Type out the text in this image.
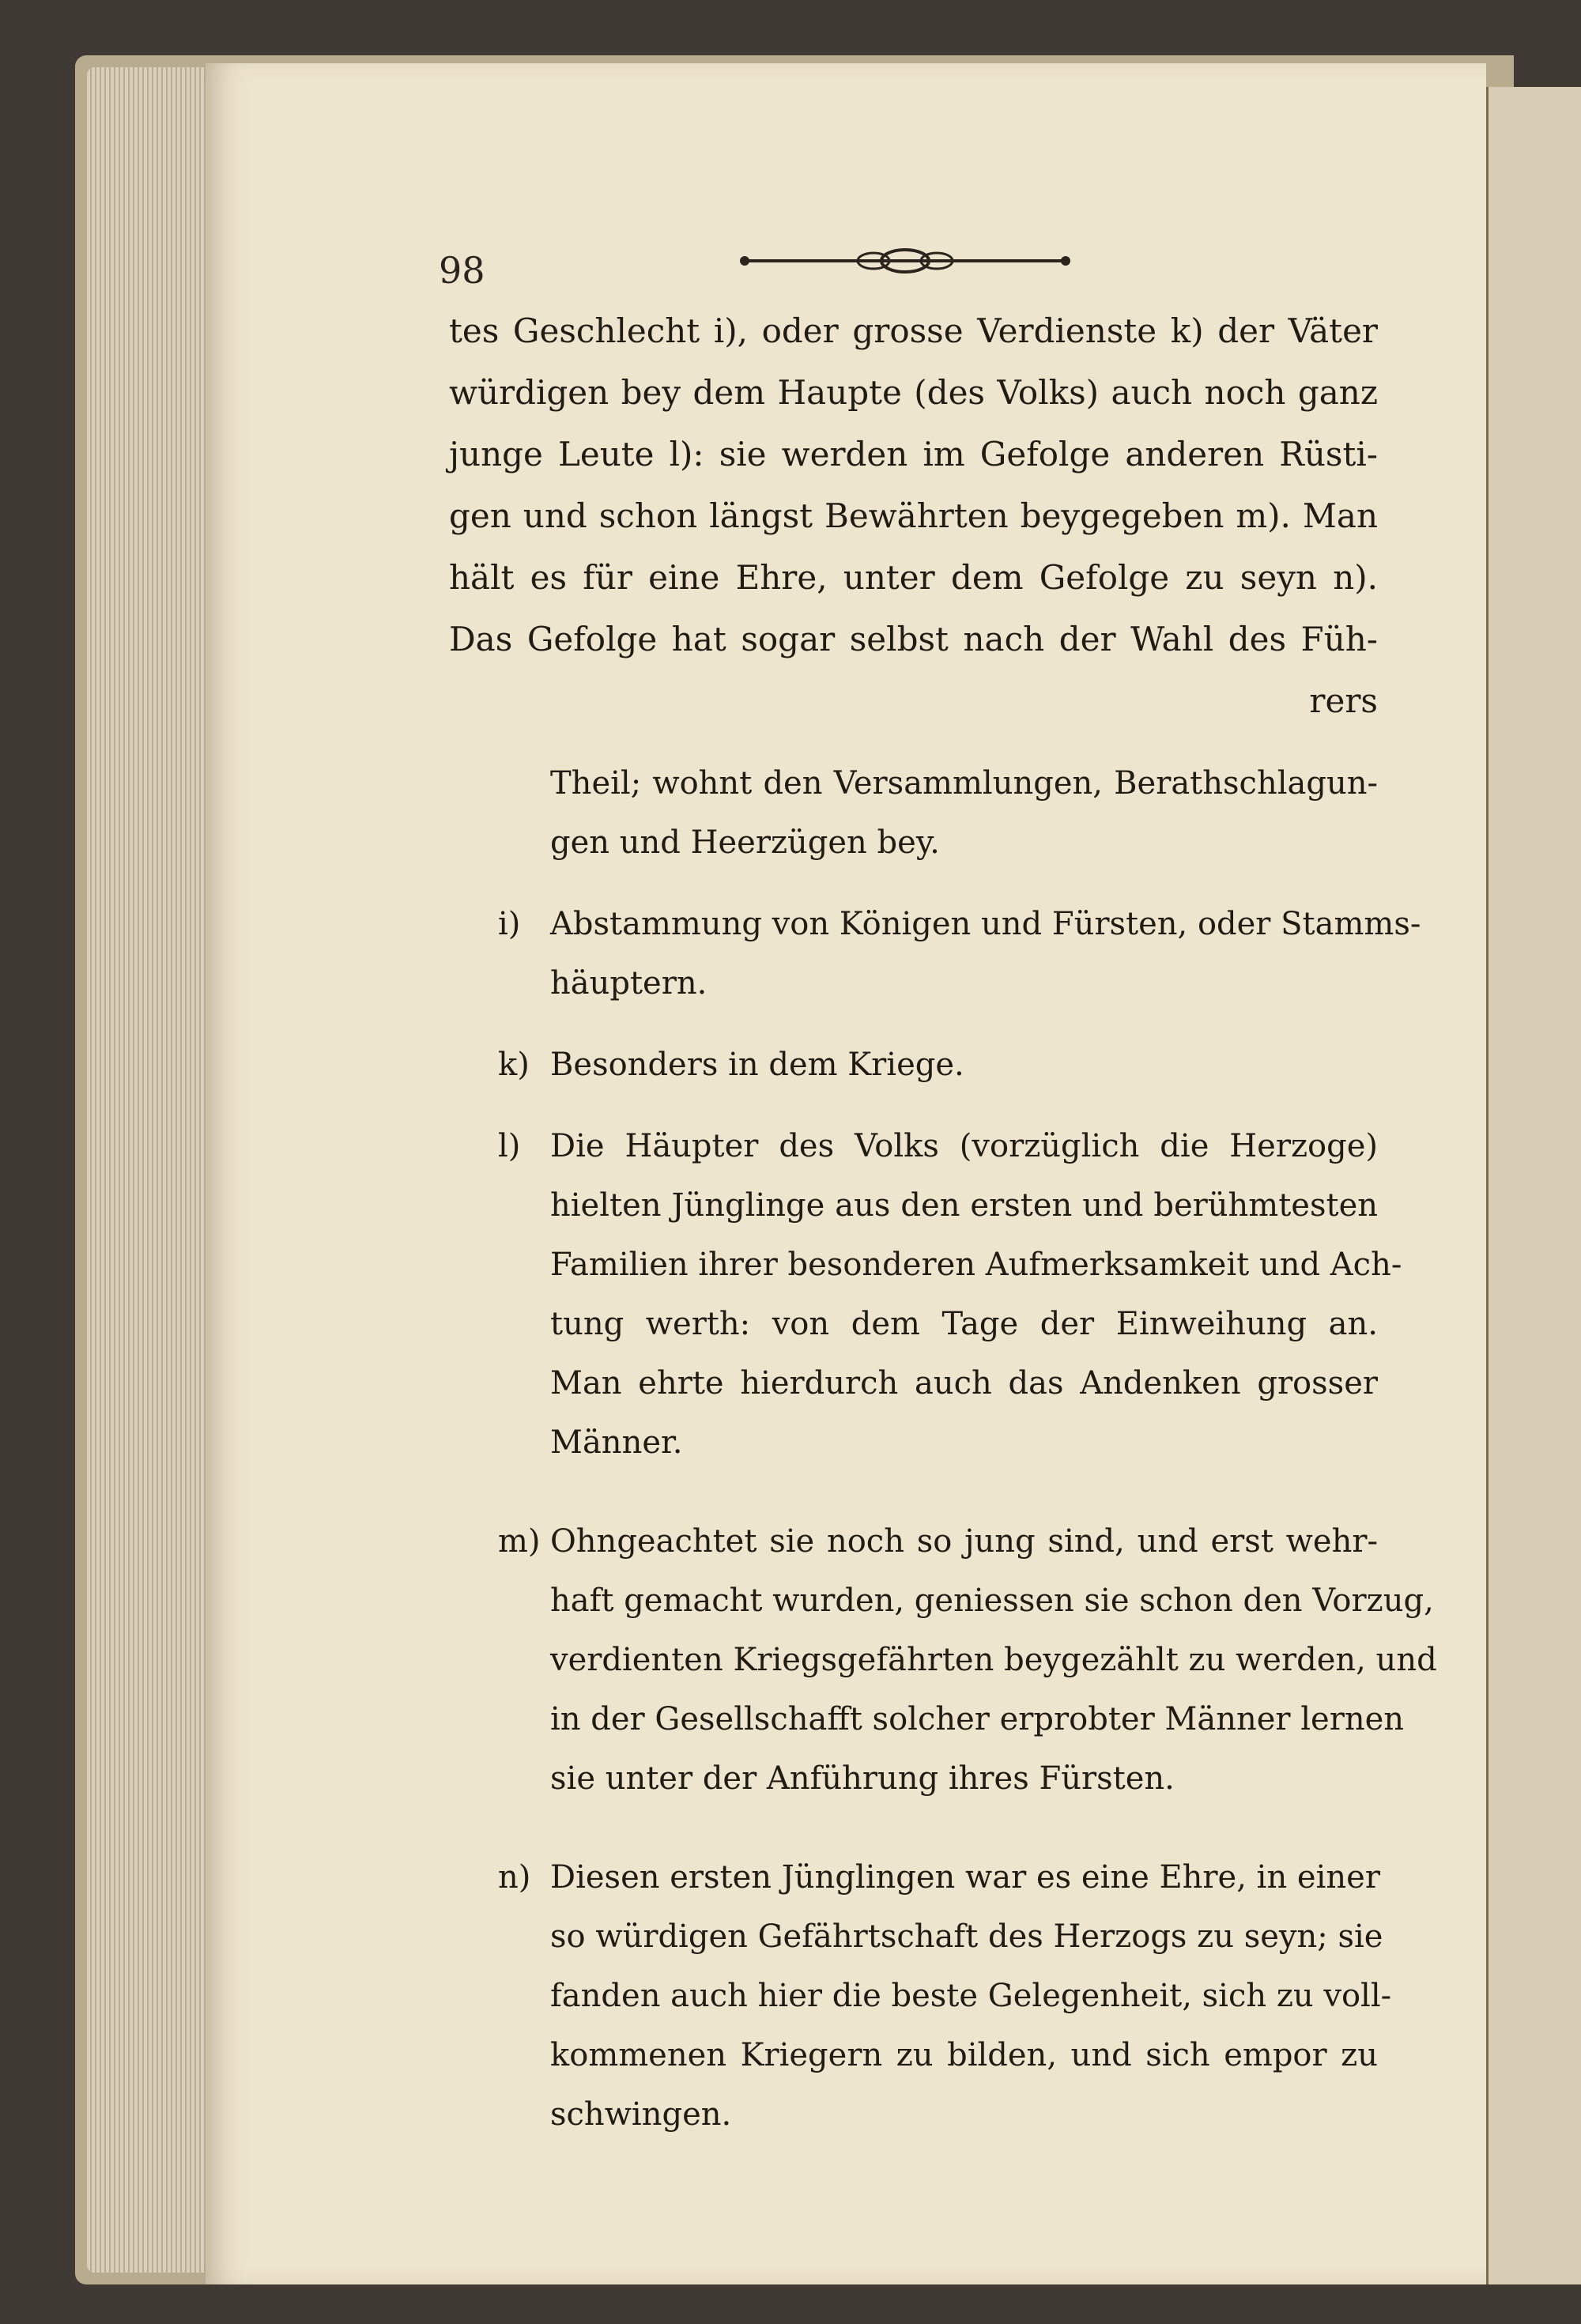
98
tes Geschlecht i), oder grosse Verdienste k) der Väter
würdigen bey dem Haupte (des Volks) auch noch ganz
junge Leute l): sie werden im Gefolge anderen Rüsti-
gen und schon längst Bewährten beygegeben m). Man
hält es für eine Ehre, unter dem Gefolge zu seyn n).
Das Gefolge hat sogar selbst nach der Wahl des Füh-
rers
Theil; wohnt den Versammlungen, Berathschlagun-
gen und Heerzügen bey.
i) Abstammung von Königen und Fürsten, oder Stamms-
häuptern.
k) Besonders in dem Kriege.
l) Die Häupter des Volks (vorzüglich die Herzoge)
hielten Jünglinge aus den ersten und berühmtesten
Familien ihrer besonderen Aufmerksamkeit und Ach-
tung werth: von dem Tage der Einweihung an.
Man ehrte hierdurch auch das Andenken grosser
Männer.
m) Ohngeachtet sie noch so jung sind, und erst wehr-
haft gemacht wurden, geniessen sie schon den Vorzug,
verdienten Kriegsgefährten beygezählt zu werden, und
in der Gesellschafft solcher erprobter Männer lernen
sie unter der Anführung ihres Fürsten.
n) Diesen ersten Jünglingen war es eine Ehre, in einer
so würdigen Gefährtschaft des Herzogs zu seyn; sie
fanden auch hier die beste Gelegenheit, sich zu voll-
kommenen Kriegern zu bilden, und sich empor zu
schwingen.
